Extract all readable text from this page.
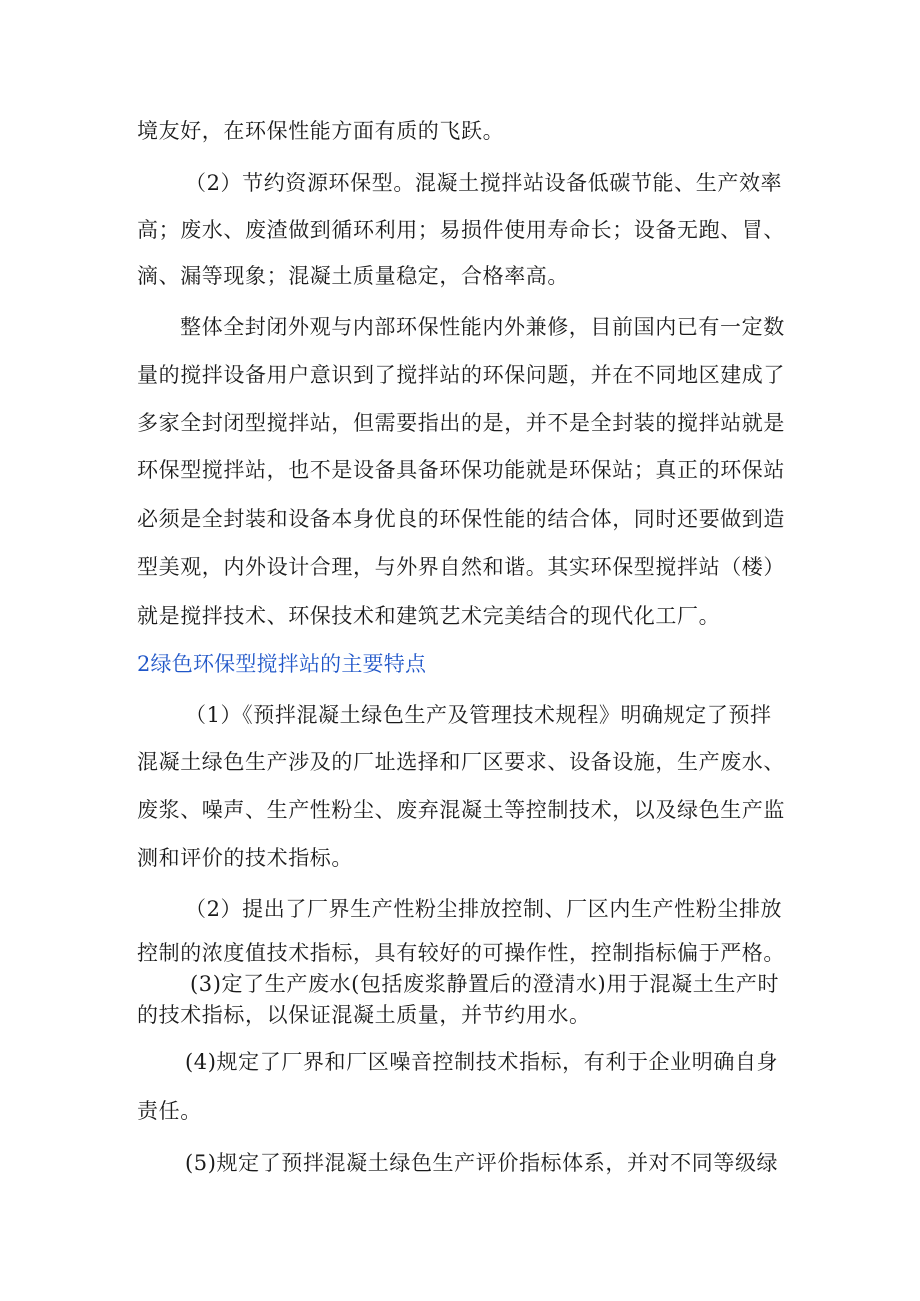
境友好，在环保性能方面有质的飞跃。
（2）节约资源环保型。混凝土搅拌站设备低碳节能、生产效率
高；废水、废渣做到循环利用；易损件使用寿命长；设备无跑、冒、
滴、漏等现象；混凝土质量稳定，合格率高。
整体全封闭外观与内部环保性能内外兼修，目前国内已有一定数
量的搅拌设备用户意识到了搅拌站的环保问题，并在不同地区建成了
多家全封闭型搅拌站，但需要指出的是，并不是全封装的搅拌站就是
环保型搅拌站，也不是设备具备环保功能就是环保站；真正的环保站
必须是全封装和设备本身优良的环保性能的结合体，同时还要做到造
型美观，内外设计合理，与外界自然和谐。其实环保型搅拌站（楼）
就是搅拌技术、环保技术和建筑艺术完美结合的现代化工厂。
2绿色环保型搅拌站的主要特点
（1）《预拌混凝土绿色生产及管理技术规程》明确规定了预拌
混凝土绿色生产涉及的厂址选择和厂区要求、设备设施，生产废水、
废浆、噪声、生产性粉尘、废弃混凝土等控制技术，以及绿色生产监
测和评价的技术指标。
（2）提出了厂界生产性粉尘排放控制、厂区内生产性粉尘排放
控制的浓度值技术指标，具有较好的可操作性，控制指标偏于严格。
(3)定了生产废水(包括废浆静置后的澄清水)用于混凝土生产时
的技术指标，以保证混凝土质量，并节约用水。
(4)规定了厂界和厂区噪音控制技术指标，有利于企业明确自身
责任。
(5)规定了预拌混凝土绿色生产评价指标体系，并对不同等级绿
